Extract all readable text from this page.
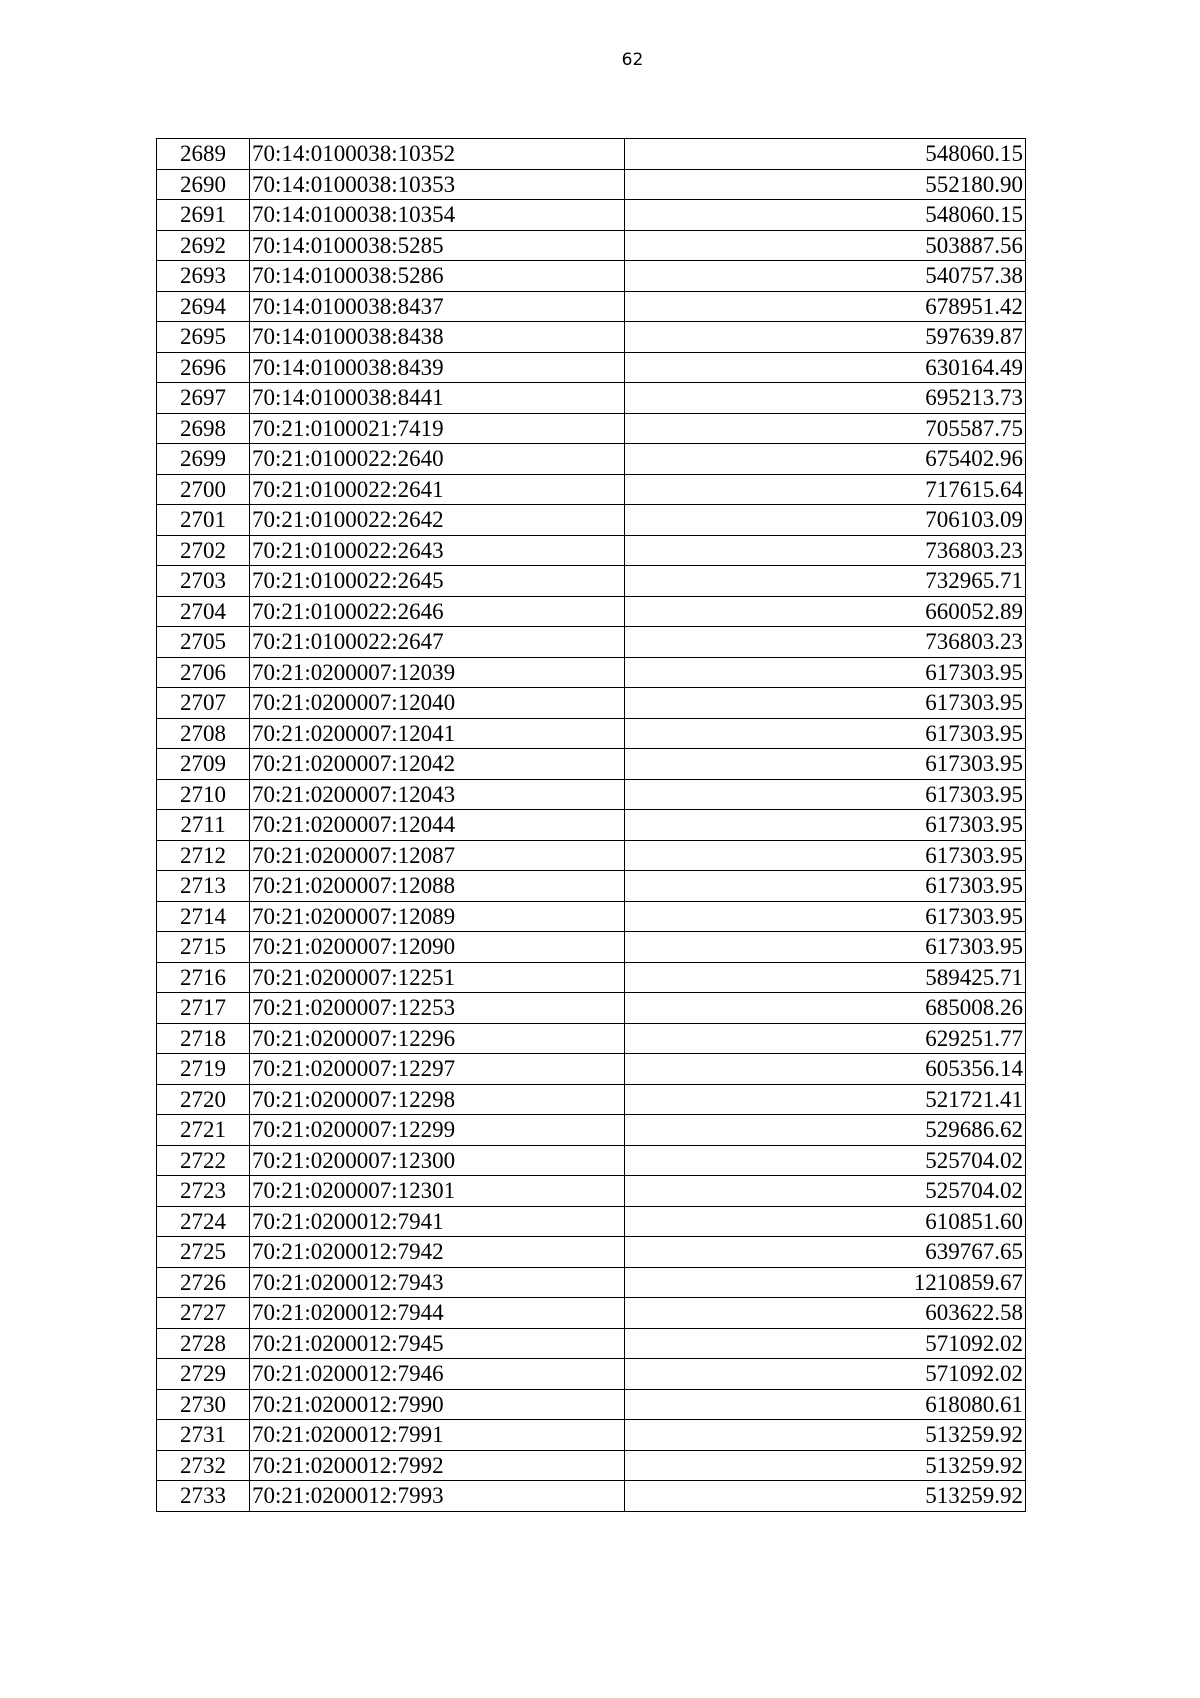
62
2689	70:14:0100038:10352	548060.15
2690	70:14:0100038:10353	552180.90
2691	70:14:0100038:10354	548060.15
2692	70:14:0100038:5285	503887.56
2693	70:14:0100038:5286	540757.38
2694	70:14:0100038:8437	678951.42
2695	70:14:0100038:8438	597639.87
2696	70:14:0100038:8439	630164.49
2697	70:14:0100038:8441	695213.73
2698	70:21:0100021:7419	705587.75
2699	70:21:0100022:2640	675402.96
2700	70:21:0100022:2641	717615.64
2701	70:21:0100022:2642	706103.09
2702	70:21:0100022:2643	736803.23
2703	70:21:0100022:2645	732965.71
2704	70:21:0100022:2646	660052.89
2705	70:21:0100022:2647	736803.23
2706	70:21:0200007:12039	617303.95
2707	70:21:0200007:12040	617303.95
2708	70:21:0200007:12041	617303.95
2709	70:21:0200007:12042	617303.95
2710	70:21:0200007:12043	617303.95
2711	70:21:0200007:12044	617303.95
2712	70:21:0200007:12087	617303.95
2713	70:21:0200007:12088	617303.95
2714	70:21:0200007:12089	617303.95
2715	70:21:0200007:12090	617303.95
2716	70:21:0200007:12251	589425.71
2717	70:21:0200007:12253	685008.26
2718	70:21:0200007:12296	629251.77
2719	70:21:0200007:12297	605356.14
2720	70:21:0200007:12298	521721.41
2721	70:21:0200007:12299	529686.62
2722	70:21:0200007:12300	525704.02
2723	70:21:0200007:12301	525704.02
2724	70:21:0200012:7941	610851.60
2725	70:21:0200012:7942	639767.65
2726	70:21:0200012:7943	1210859.67
2727	70:21:0200012:7944	603622.58
2728	70:21:0200012:7945	571092.02
2729	70:21:0200012:7946	571092.02
2730	70:21:0200012:7990	618080.61
2731	70:21:0200012:7991	513259.92
2732	70:21:0200012:7992	513259.92
2733	70:21:0200012:7993	513259.92
